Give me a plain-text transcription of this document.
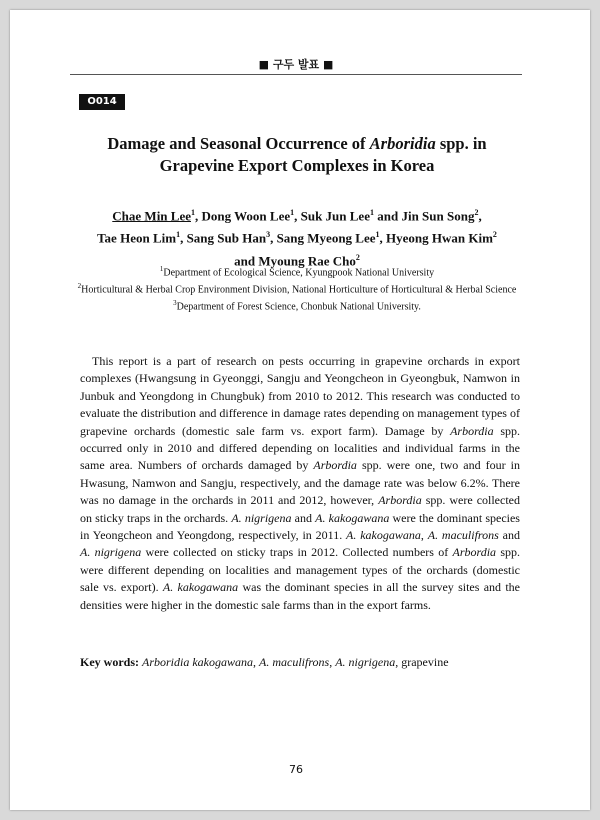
■ 구두 발표 ■
O014
Damage and Seasonal Occurrence of Arboridia spp. in Grapevine Export Complexes in Korea
Chae Min Lee$^1$, Dong Woon Lee$^1$, Suk Jun Lee$^1$ and Jin Sun Song$^2$,
Tae Heon Lim$^1$, Sang Sub Han$^3$, Sang Myeong Lee$^1$, Hyeong Hwan Kim$^2$
and Myoung Rae Cho$^2$
$^1$Department of Ecological Science, Kyungpook National University
$^2$Horticultural & Herbal Crop Environment Division, National Horticulture of Horticultural & Herbal Science
$^3$Department of Forest Science, Chonbuk National University.

This report is a part of research on pests occurring in grapevine orchards in export complexes (Hwangsung in Gyeonggi, Sangju and Yeongcheon in Gyeongbuk, Namwon in Junbuk and Yeongdong in Chungbuk) from 2010 to 2012. This research was conducted to evaluate the distribution and difference in damage rates depending on management types of grapevine orchards (domestic sale farm vs. export farm). Damage by Arbordia spp. occurred only in 2010 and differed depending on localities and individual farms in the same area. Numbers of orchards damaged by Arbordia spp. were one, two and four in Hwasung, Namwon and Sangju, respectively, and the damage rate was below 6.2%. There was no damage in the orchards in 2011 and 2012, however, Arbordia spp. were collected on sticky traps in the orchards. A. nigrigena and A. kakogawana were the dominant species in Yeongcheon and Yeongdong, respectively, in 2011. A. kakogawana, A. maculifrons and A. nigrigena were collected on sticky traps in 2012. Collected numbers of Arbordia spp. were different depending on localities and management types of the orchards (domestic sale vs. export). A. kakogawana was the dominant species in all the survey sites and the densities were higher in the domestic sale farms than in the export farms.

Key words: Arboridia kakogawana, A. maculifrons, A. nigrigena, grapevine
76
